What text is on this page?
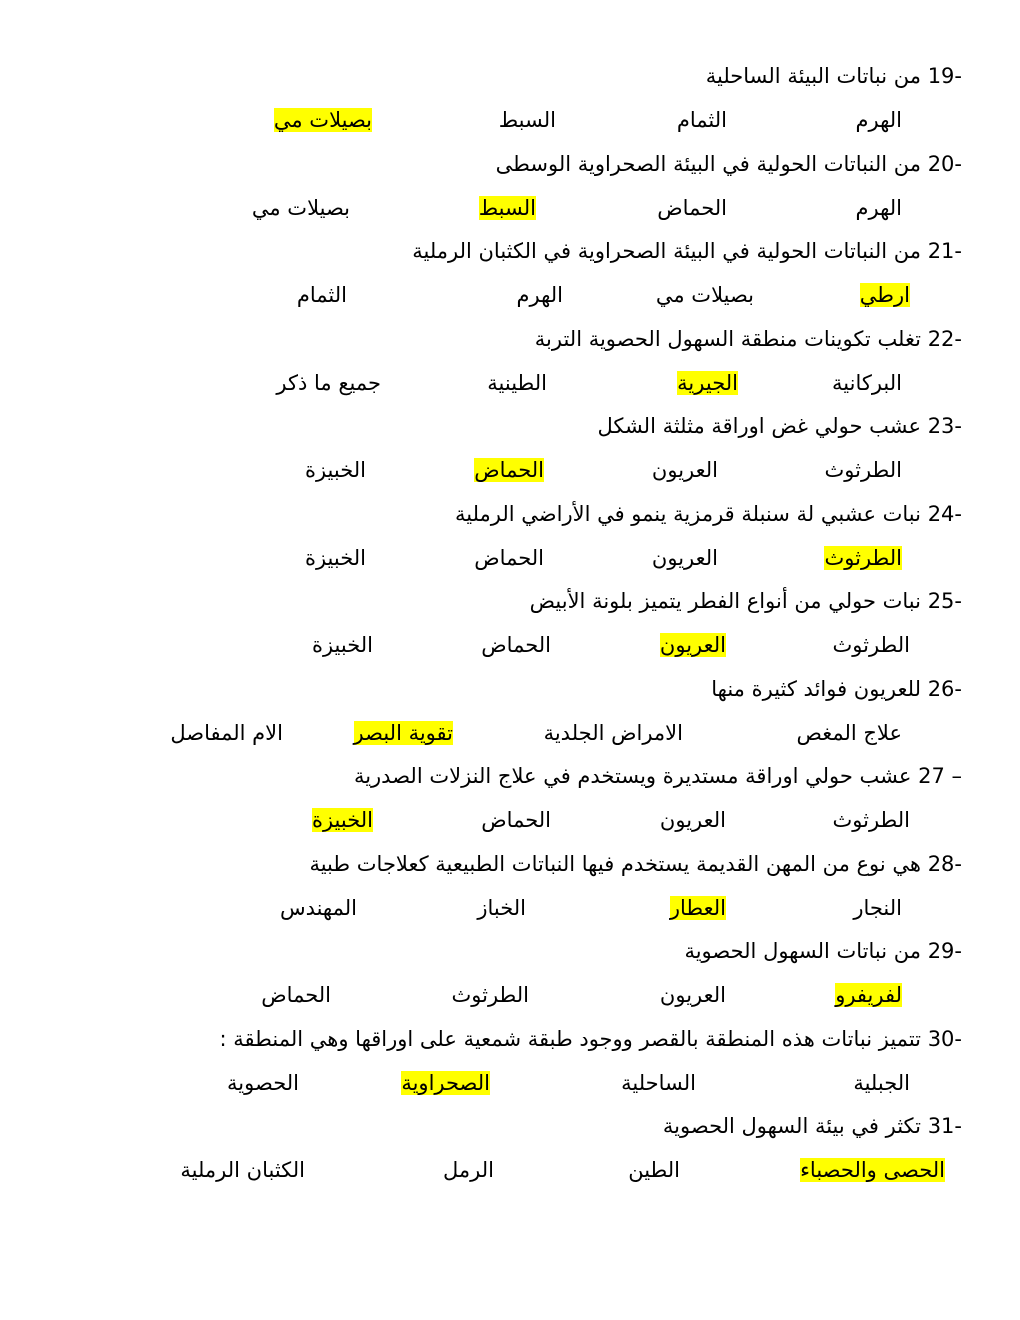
19- من نباتات البيئة الساحلية
الهرم
الثمام
السبط
بصيلات مي
20- من النباتات الحولية في البيئة الصحراوية الوسطى
الهرم
الحماض
السبط
بصيلات مي
21- من النباتات الحولية في البيئة الصحراوية في الكثبان الرملية
ارطي
بصيلات مي
الهرم
الثمام
22- تغلب تكوينات منطقة السهول الحصوية التربة
البركانية
الجيرية
الطينية
جميع ما ذكر
23- عشب حولي غض اوراقة مثلثة الشكل
الطرثوث
العريون
الحماض
الخبيزة
24- نبات عشبي لة سنبلة قرمزية ينمو في الأراضي الرملية
الطرثوث
العريون
الحماض
الخبيزة
25- نبات حولي من أنواع الفطر يتميز بلونة الأبيض
الطرثوث
العريون
الحماض
الخبيزة
26- للعريون فوائد كثيرة منها
علاج المغص
الامراض الجلدية
تقوية البصر
الام المفاصل
27 – عشب حولي اوراقة مستديرة ويستخدم في علاج النزلات الصدرية
الطرثوث
العريون
الحماض
الخبيزة
28- هي نوع من المهن القديمة يستخدم فيها النباتات الطبيعية كعلاجات طبية
النجار
العطار
الخباز
المهندس
29- من نباتات السهول الحصوية
لفريفرو
العريون
الطرثوث
الحماض
30- تتميز نباتات هذه المنطقة بالقصر ووجود طبقة شمعية على اوراقها وهي المنطقة :
الجبلية
الساحلية
الصحراوية
الحصوية
31- تكثر في بيئة السهول الحصوية
الحصى والحصباء
الطين
الرمل
الكثبان الرملية
